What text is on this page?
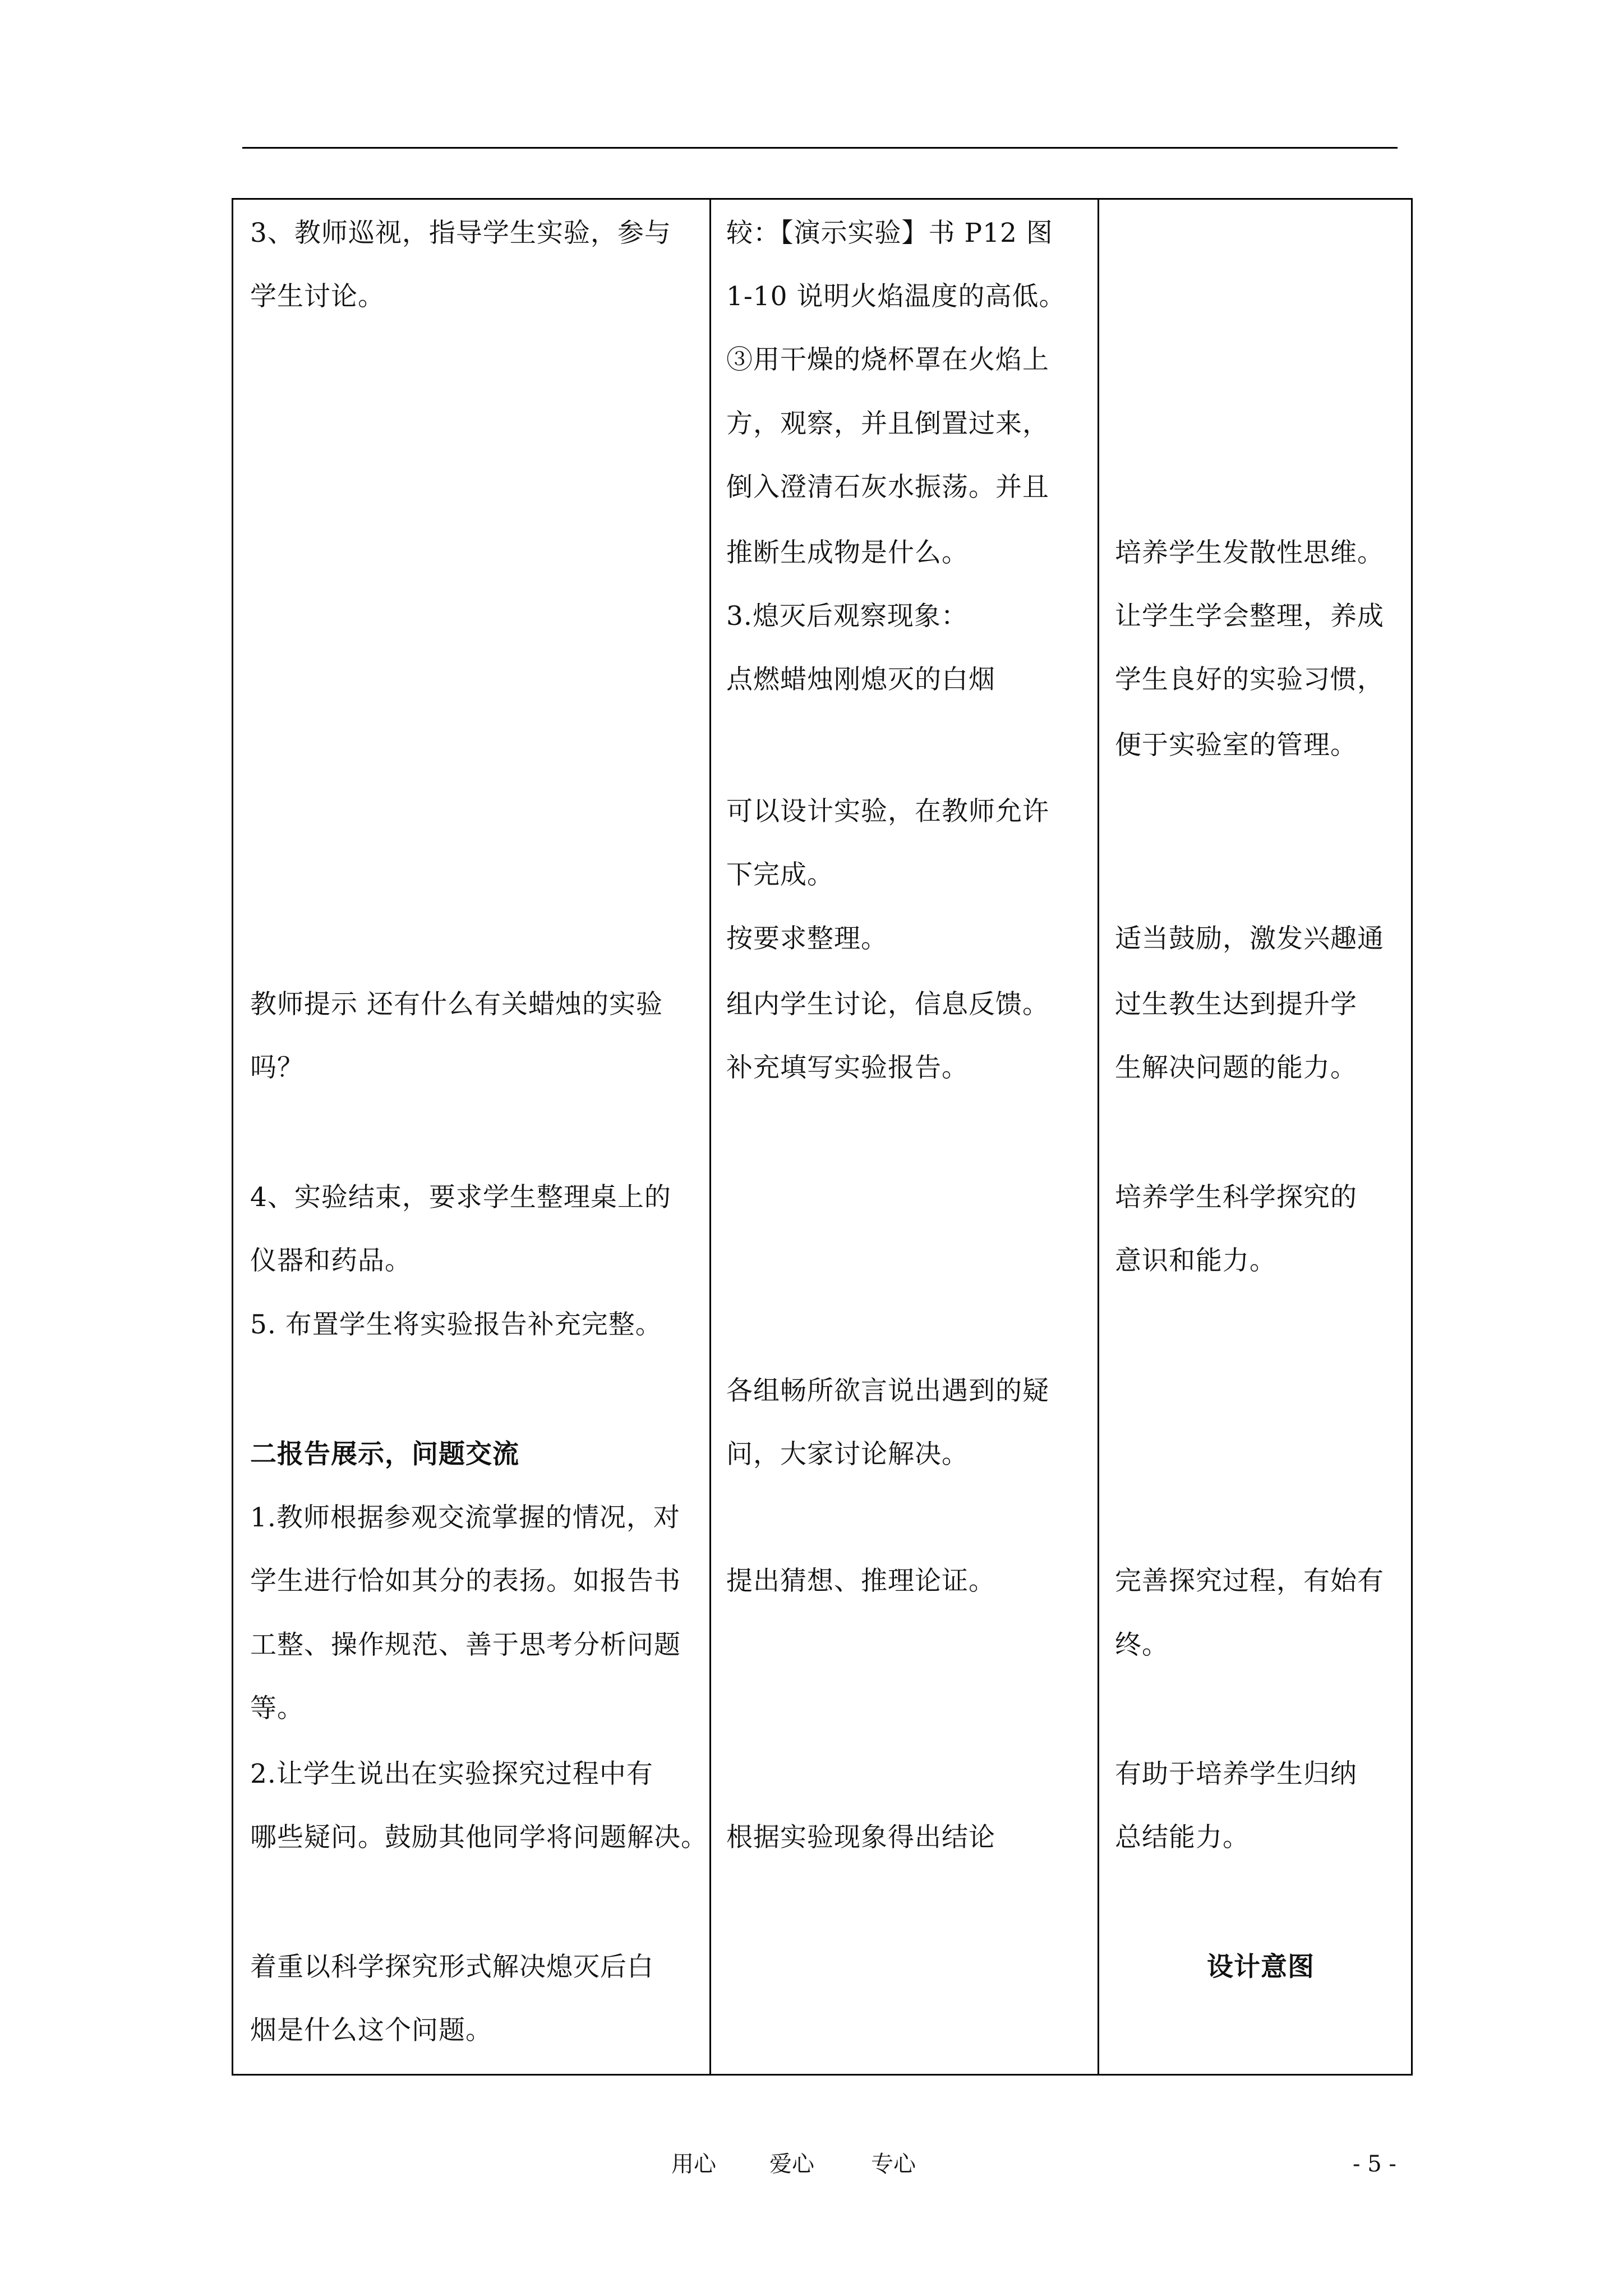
3、教师巡视，指导学生实验，参与
学生讨论。
教师提示 还有什么有关蜡烛的实验
吗？
4、实验结束，要求学生整理桌上的
仪器和药品。
5. 布置学生将实验报告补充完整。
二报告展示，问题交流
1.教师根据参观交流掌握的情况，对
学生进行恰如其分的表扬。如报告书
工整、操作规范、善于思考分析问题
等。
2.让学生说出在实验探究过程中有
哪些疑问。鼓励其他同学将问题解决。
着重以科学探究形式解决熄灭后白
烟是什么这个问题。
较：【演示实验】书 P12 图
1-10 说明火焰温度的高低。
③用干燥的烧杯罩在火焰上
方，观察，并且倒置过来，
倒入澄清石灰水振荡。并且
推断生成物是什么。
3.熄灭后观察现象：
点燃蜡烛刚熄灭的白烟
可以设计实验，在教师允许
下完成。
按要求整理。
组内学生讨论，信息反馈。
补充填写实验报告。
各组畅所欲言说出遇到的疑
问，大家讨论解决。
提出猜想、推理论证。
根据实验现象得出结论
培养学生发散性思维。
让学生学会整理，养成
学生良好的实验习惯，
便于实验室的管理。
适当鼓励，激发兴趣通
过生教生达到提升学
生解决问题的能力。
培养学生科学探究的
意识和能力。
完善探究过程，有始有
终。
有助于培养学生归纳
总结能力。
设计意图
用心 爱心	专心	- 5 -
